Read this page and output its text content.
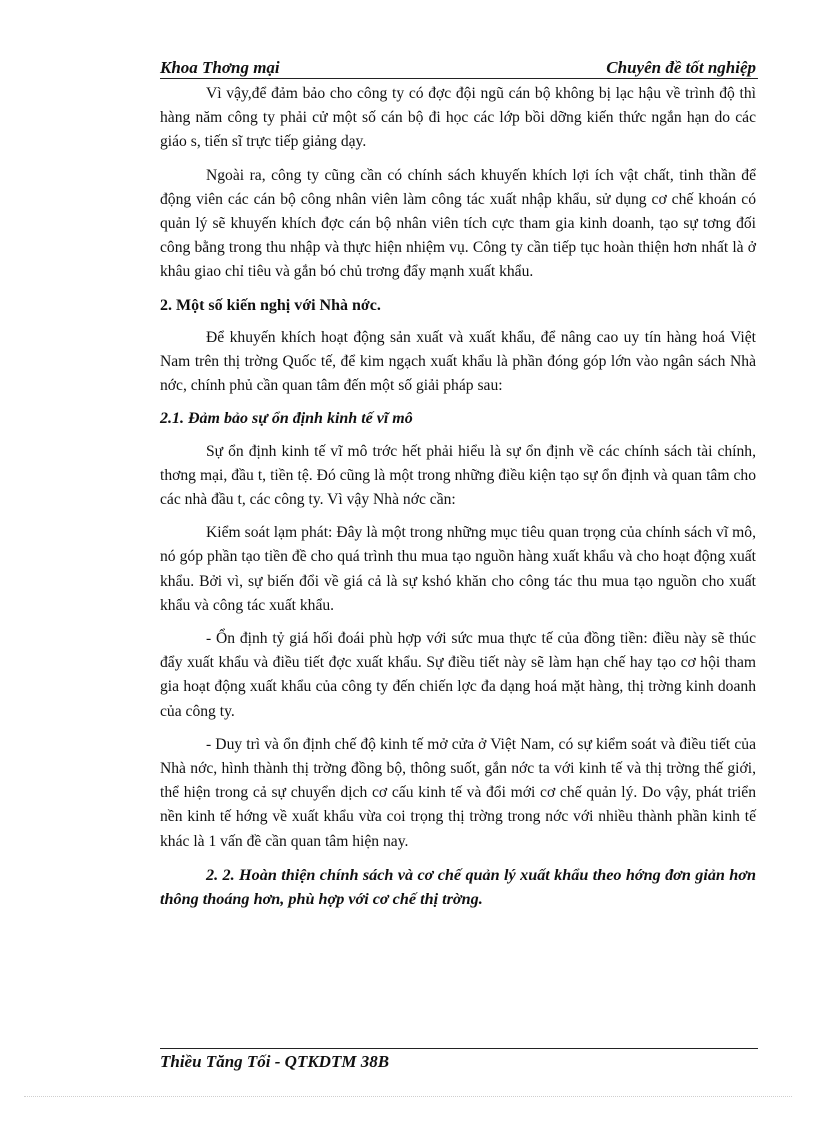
Khoa Thơng mại	Chuyên đề tốt nghiệp

Vì vậy,để đảm bảo cho công ty có đợc đội ngũ cán bộ không bị lạc hậu về trình độ thì hàng năm công ty phải cử một số cán bộ đi học các lớp bồi dỡng kiến thức ngắn hạn do các giáo s, tiến sĩ trực tiếp giảng dạy.

Ngoài ra, công ty cũng cần có chính sách khuyến khích lợi ích vật chất, tinh thần để động viên các cán bộ công nhân viên làm công tác xuất nhập khẩu, sử dụng cơ chế khoán có quản lý sẽ khuyến khích đợc cán bộ nhân viên tích cực tham gia kinh doanh, tạo sự tơng đối công bằng trong thu nhập và thực hiện nhiệm vụ. Công ty cần tiếp tục hoàn thiện hơn nhất là ở khâu giao chỉ tiêu và gắn bó chủ trơng đẩy mạnh xuất khẩu.

2. Một số kiến nghị với Nhà nớc.

Để khuyến khích hoạt động sản xuất và xuất khẩu, để nâng cao uy tín hàng hoá Việt Nam trên thị trờng Quốc tế, để kim ngạch xuất khẩu là phần đóng góp lớn vào ngân sách Nhà nớc, chính phủ cần quan tâm đến một số giải pháp sau:

2.1. Đảm bảo sự ổn định kinh tế vĩ mô

Sự ổn định kinh tế vĩ mô trớc hết phải hiểu là sự ổn định về các chính sách tài chính, thơng mại, đầu t, tiền tệ. Đó cũng là một trong những điều kiện tạo sự ổn định và quan tâm cho các nhà đầu t, các công ty. Vì vậy Nhà nớc cần:

Kiểm soát lạm phát: Đây là một trong những mục tiêu quan trọng của chính sách vĩ mô, nó góp phần tạo tiền đề cho quá trình thu mua tạo nguồn hàng xuất khẩu và cho hoạt động xuất khẩu. Bởi vì, sự biến đổi về giá cả là sự kshó khăn cho công tác thu mua tạo nguồn cho xuất khẩu và công tác xuất khẩu.

- Ổn định tỷ giá hối đoái phù hợp với sức mua thực tế của đồng tiền: điều này sẽ thúc đẩy xuất khẩu và điều tiết đợc xuất khẩu. Sự điều tiết này sẽ làm hạn chế hay tạo cơ hội tham gia hoạt động xuất khẩu của công ty đến chiến lợc đa dạng hoá mặt hàng, thị trờng kinh doanh của công ty.

- Duy trì và ổn định chế độ kinh tế mở cửa ở Việt Nam, có sự kiểm soát và điều tiết của Nhà nớc, hình thành thị trờng đồng bộ, thông suốt, gắn nớc ta với kinh tế và thị trờng thế giới, thể hiện trong cả sự chuyển dịch cơ cấu kinh tế và đổi mới cơ chế quản lý. Do vậy, phát triển nền kinh tế hớng về xuất khẩu vừa coi trọng thị trờng trong nớc với nhiều thành phần kinh tế khác là 1 vấn đề cần quan tâm hiện nay.

2. 2. Hoàn thiện chính sách và cơ chế quản lý xuất khẩu theo hớng đơn giản hơn thông thoáng hơn, phù hợp với cơ chế thị trờng.

Thiều Tăng Tối - QTKDTM 38B
